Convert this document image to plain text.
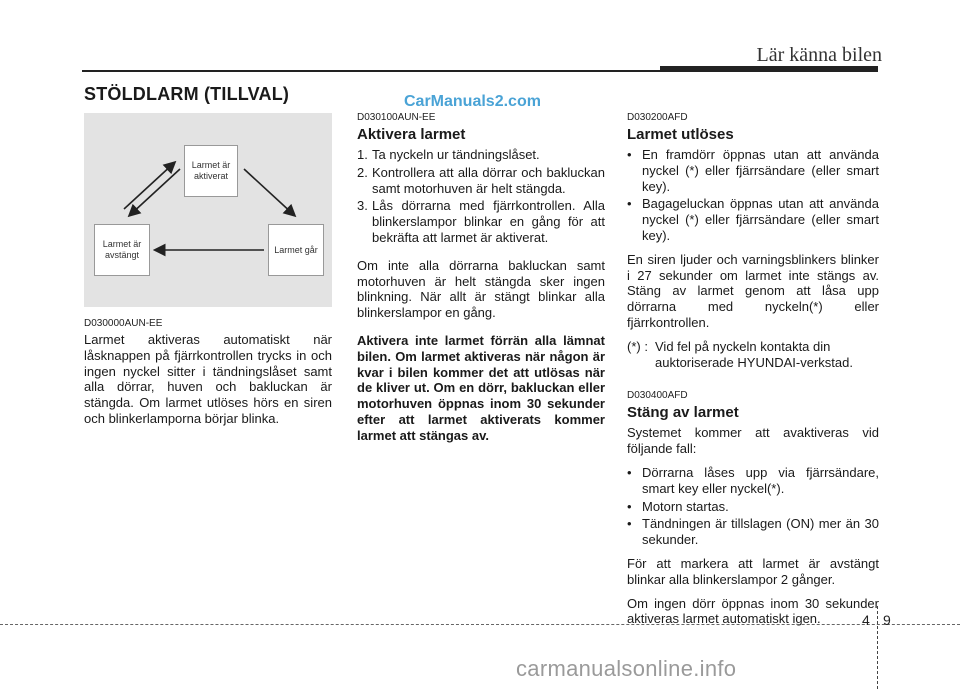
Lär känna bilen
STÖLDLARM (TILLVAL)	CarManuals2.com
Larmet är aktiverat
Larmet är avstängt
Larmet går
D030000AUN-EE
Larmet aktiveras automatiskt när låsknappen på fjärrkontrollen trycks in och ingen nyckel sitter i tändningslåset samt alla dörrar, huven och bakluckan är stängda. Om larmet utlöses hörs en siren och blinkerlamporna börjar blinka.
D030100AUN-EE
Aktivera larmet
1. Ta nyckeln ur tändningslåset.
2. Kontrollera att alla dörrar och bakluckan samt motorhuven är helt stängda.
3. Lås dörrarna med fjärrkontrollen. Alla blinkerslampor blinkar en gång för att bekräfta att larmet är aktiverat.
Om inte alla dörrarna bakluckan samt motorhuven är helt stängda sker ingen blinkning. När allt är stängt blinkar alla blinkerslampor en gång.
Aktivera inte larmet förrän alla lämnat bilen. Om larmet aktiveras när någon är kvar i bilen kommer det att utlösas när de kliver ut. Om en dörr, bakluckan eller motorhuven öppnas inom 30 sekunder efter att larmet aktiverats kommer larmet att stängas av.
D030200AFD
Larmet utlöses
• En framdörr öppnas utan att använda nyckel (*) eller fjärrsändare (eller smart key).
• Bagageluckan öppnas utan att använda nyckel (*) eller fjärrsändare (eller smart key).
En siren ljuder och varningsblinkers blinker i 27 sekunder om larmet inte stängs av. Stäng av larmet genom att låsa upp dörrarna med nyckeln(*) eller fjärrkontrollen.
(*) : Vid fel på nyckeln kontakta din auktoriserade HYUNDAI-verkstad.
D030400AFD
Stäng av larmet
Systemet kommer att avaktiveras vid följande fall:
• Dörrarna låses upp via fjärrsändare, smart key eller nyckel(*).
• Motorn startas.
• Tändningen är tillslagen (ON) mer än 30 sekunder.
För att markera att larmet är avstängt blinkar alla blinkerslampor 2 gånger.
Om ingen dörr öppnas inom 30 sekunder aktiveras larmet automatiskt igen.	4 9
carmanualsonline.info
